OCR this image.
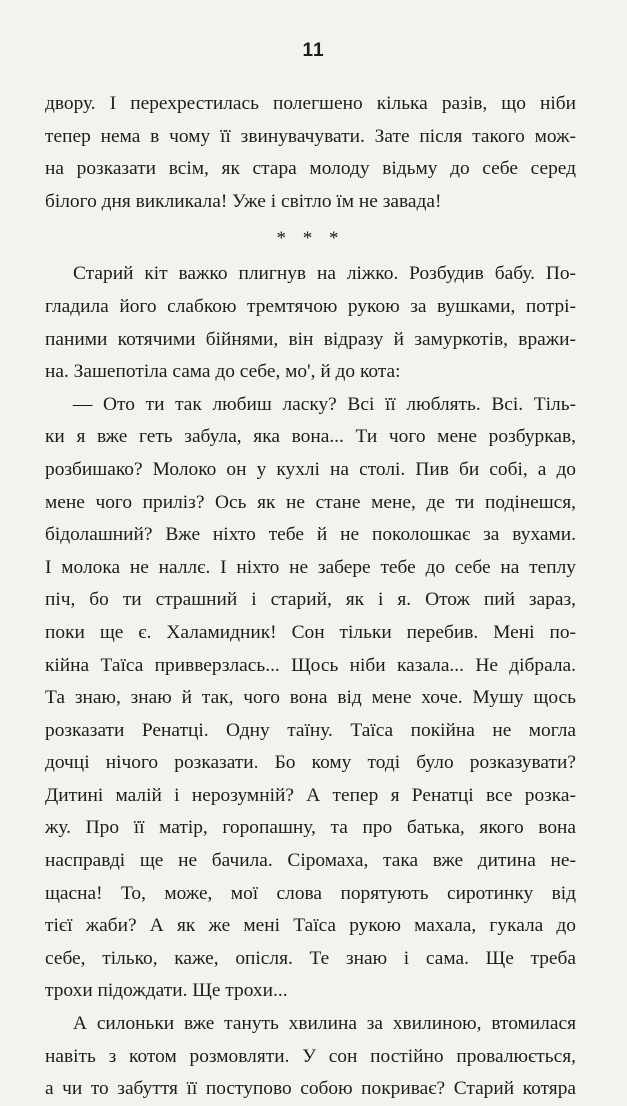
11
двору. І перехрестилась полегшено кілька разів, що ніби
тепер нема в чому її звинувачувати. Зате після такого мож-
на розказати всім, як стара молоду відьму до себе серед
білого дня викликала! Уже і світло їм не завада!
* * *
Старий кіт важко плигнув на ліжко. Розбудив бабу. По-
гладила його слабкою тремтячою рукою за вушками, потрі-
паними котячими бійнями, він відразу й замуркотів, вражи-
на. Зашепотіла сама до себе, мо', й до кота:
— Ото ти так любиш ласку? Всі її люблять. Всі. Тіль-
ки я вже геть забула, яка вона... Ти чого мене розбуркав,
розбишако? Молоко он у кухлі на столі. Пив би собі, а до
мене чого приліз? Ось як не стане мене, де ти подінешся,
бідолашний? Вже ніхто тебе й не поколошкає за вухами.
І молока не наллє. І ніхто не забере тебе до себе на теплу
піч, бо ти страшний і старий, як і я. Отож пий зараз,
поки ще є. Халамидник! Сон тільки перебив. Мені по-
кійна Таїса привверзлась... Щось ніби казала... Не дібрала.
Та знаю, знаю й так, чого вона від мене хоче. Мушу щось
розказати Ренатці. Одну таїну. Таїса покійна не могла
дочці нічого розказати. Бо кому тоді було розказувати?
Дитині малій і нерозумній? А тепер я Ренатці все розка-
жу. Про її матір, горопашну, та про батька, якого вона
насправді ще не бачила. Сіромаха, така вже дитина не-
щасна! То, може, мої слова порятують сиротинку від
тієї жаби? А як же мені Таїса рукою махала, гукала до
себе, тілько, каже, опісля. Те знаю і сама. Ще треба
трохи підождати. Ще трохи...
А силоньки вже тануть хвилина за хвилиною, втомилася
навіть з котом розмовляти. У сон постійно провалюється,
а чи то забуття її поступово собою покриває? Старий котяра
